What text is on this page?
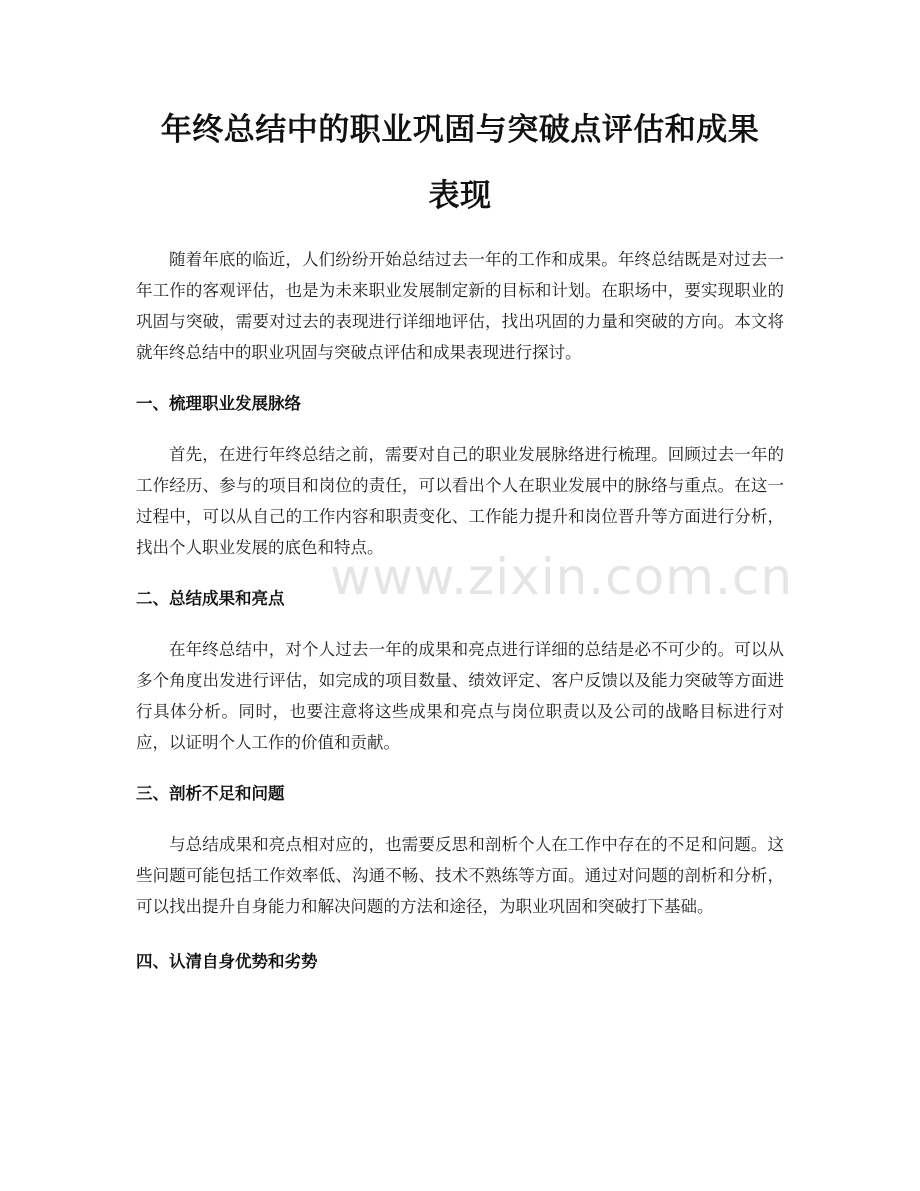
年终总结中的职业巩固与突破点评估和成果
表现

随着年底的临近，人们纷纷开始总结过去一年的工作和成果。年终总结既是对过去一年工作的客观评估，也是为未来职业发展制定新的目标和计划。在职场中，要实现职业的巩固与突破，需要对过去的表现进行详细地评估，找出巩固的力量和突破的方向。本文将就年终总结中的职业巩固与突破点评估和成果表现进行探讨。

一、梳理职业发展脉络

首先，在进行年终总结之前，需要对自己的职业发展脉络进行梳理。回顾过去一年的工作经历、参与的项目和岗位的责任，可以看出个人在职业发展中的脉络与重点。在这一过程中，可以从自己的工作内容和职责变化、工作能力提升和岗位晋升等方面进行分析，找出个人职业发展的底色和特点。

二、总结成果和亮点

在年终总结中，对个人过去一年的成果和亮点进行详细的总结是必不可少的。可以从多个角度出发进行评估，如完成的项目数量、绩效评定、客户反馈以及能力突破等方面进行具体分析。同时，也要注意将这些成果和亮点与岗位职责以及公司的战略目标进行对应，以证明个人工作的价值和贡献。

三、剖析不足和问题

与总结成果和亮点相对应的，也需要反思和剖析个人在工作中存在的不足和问题。这些问题可能包括工作效率低、沟通不畅、技术不熟练等方面。通过对问题的剖析和分析，可以找出提升自身能力和解决问题的方法和途径，为职业巩固和突破打下基础。

四、认清自身优势和劣势
www.zixin.com.cn
